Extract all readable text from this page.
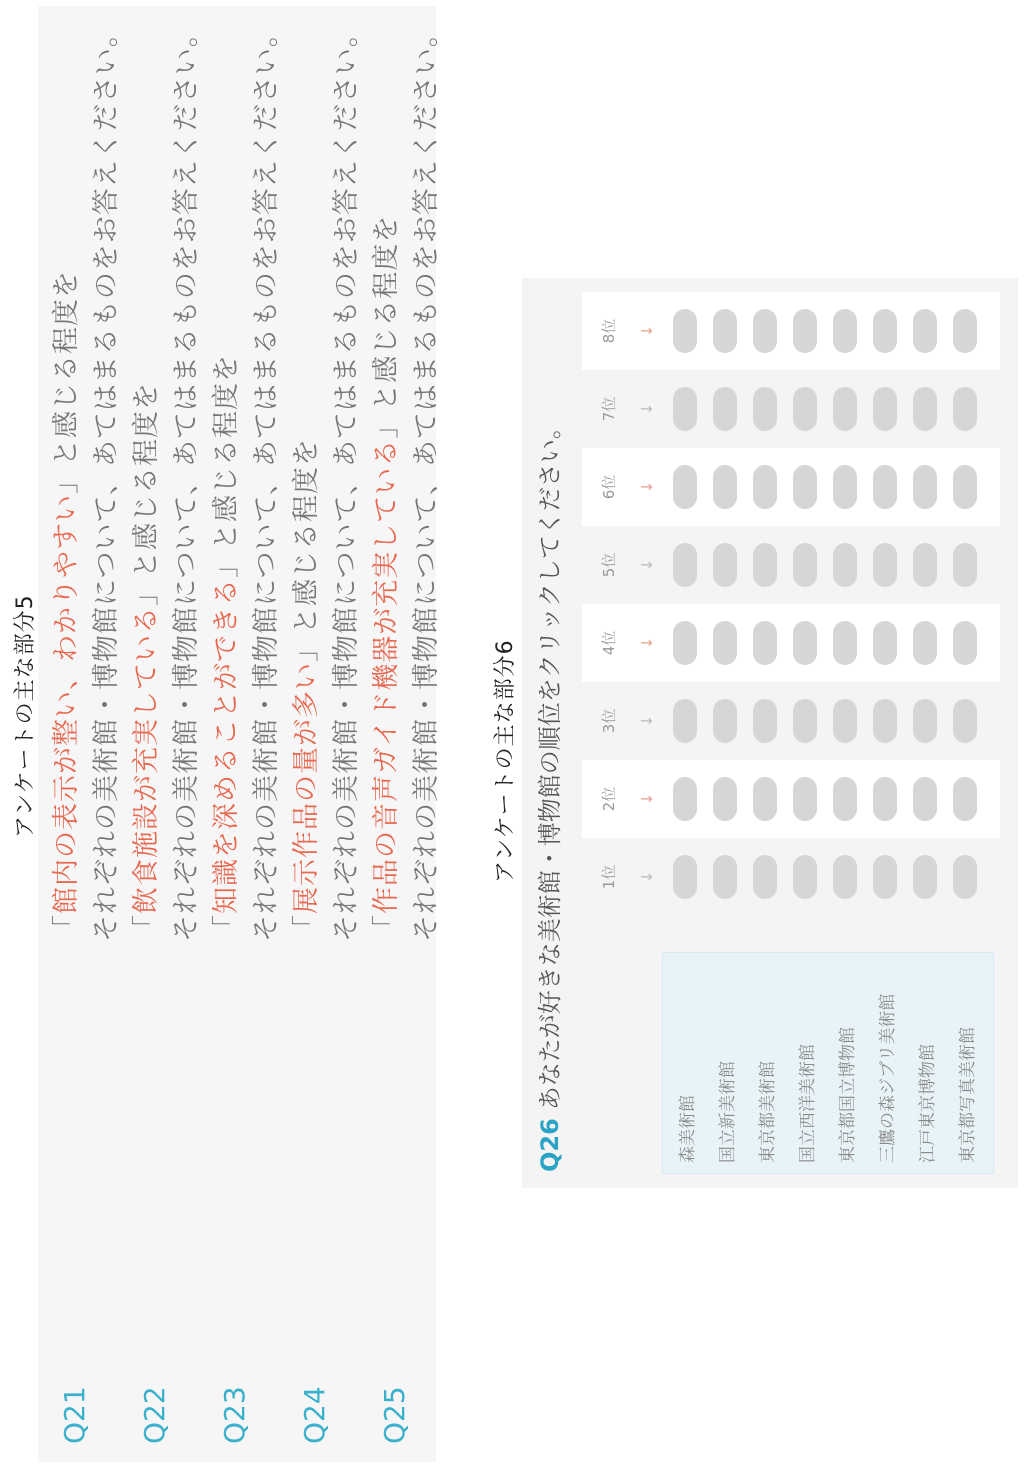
アンケートの主な部分5
Q21
「館内の表示が整い、わかりやすい」と感じる程度を それぞれの美術館・博物館について、あてはまるものをお答えください。
Q22
「飲食施設が充実している」と感じる程度を それぞれの美術館・博物館について、あてはまるものをお答えください。
Q23
「知識を深めることができる」と感じる程度を それぞれの美術館・博物館について、あてはまるものをお答えください。
Q24
「展示作品の量が多い」と感じる程度を それぞれの美術館・博物館について、あてはまるものをお答えください。
Q25
「作品の音声ガイド機器が充実している」と感じる程度を それぞれの美術館・博物館について、あてはまるものをお答えください。 アンケートの主な部分6
Q26あなたが好きな美術館・博物館の順位をクリックしてください。
森美術館	国立新美術館	東京都美術館	国立西洋美術館	東京都国立博物館	三鷹の森ジブリ美術館	江戸東京博物館	東京都写真美術館
1位 ↓
2位 ↓
3位 ↓
4位 ↓
5位 ↓
6位 ↓
7位 ↓
8位 ↓
